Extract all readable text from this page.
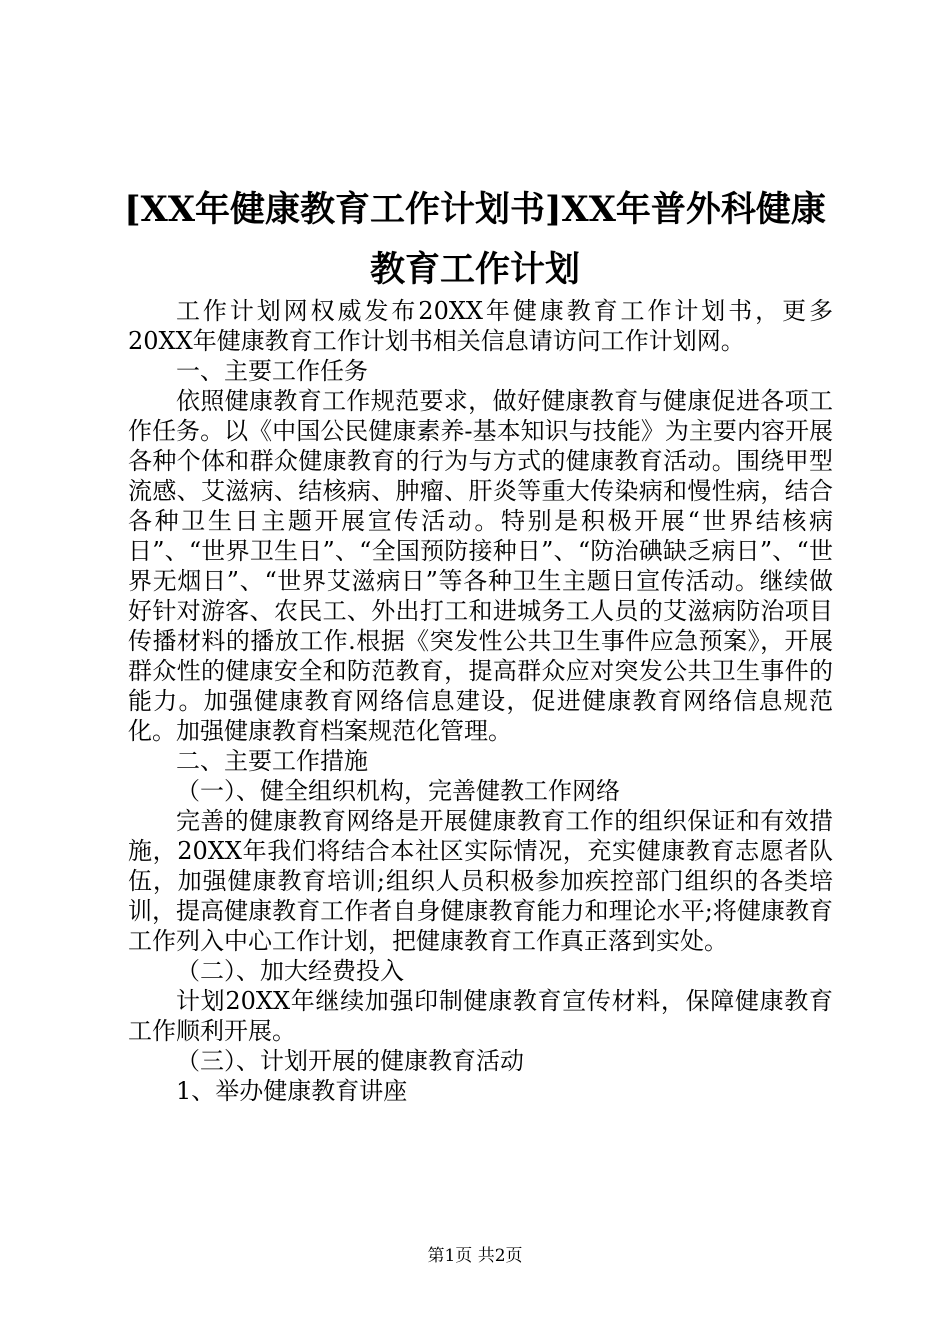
[XX年健康教育工作计划书]XX年普外科健康
教育工作计划

工作计划网权威发布20XX年健康教育工作计划书，更多20XX年健康教育工作计划书相关信息请访问工作计划网。

一、主要工作任务

依照健康教育工作规范要求，做好健康教育与健康促进各项工作任务。以《中国公民健康素养-基本知识与技能》为主要内容开展各种个体和群众健康教育的行为与方式的健康教育活动。围绕甲型流感、艾滋病、结核病、肿瘤、肝炎等重大传染病和慢性病，结合各种卫生日主题开展宣传活动。特别是积极开展“世界结核病日”、“世界卫生日”、“全国预防接种日”、“防治碘缺乏病日”、“世界无烟日”、“世界艾滋病日”等各种卫生主题日宣传活动。继续做好针对游客、农民工、外出打工和进城务工人员的艾滋病防治项目传播材料的播放工作.根据《突发性公共卫生事件应急预案》，开展群众性的健康安全和防范教育，提高群众应对突发公共卫生事件的能力。加强健康教育网络信息建设，促进健康教育网络信息规范化。加强健康教育档案规范化管理。

二、主要工作措施

（一）、健全组织机构，完善健教工作网络

完善的健康教育网络是开展健康教育工作的组织保证和有效措施，20XX年我们将结合本社区实际情况，充实健康教育志愿者队伍，加强健康教育培训;组织人员积极参加疾控部门组织的各类培训，提高健康教育工作者自身健康教育能力和理论水平;将健康教育工作列入中心工作计划，把健康教育工作真正落到实处。

（二）、加大经费投入

计划20XX年继续加强印制健康教育宣传材料，保障健康教育工作顺利开展。

（三）、计划开展的健康教育活动

1、举办健康教育讲座

第1页 共2页
